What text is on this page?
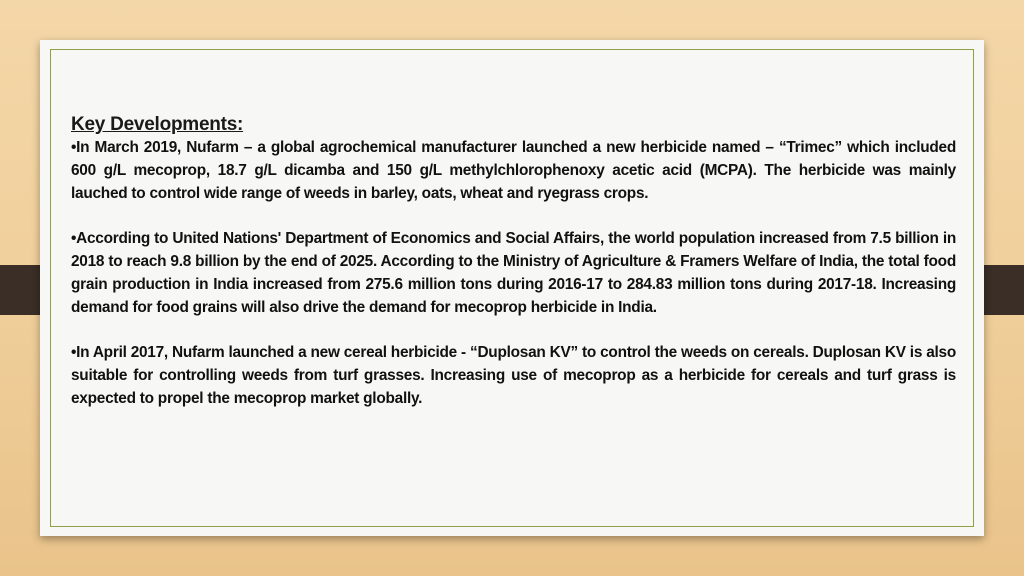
Key Developments:

•In March 2019, Nufarm – a global agrochemical manufacturer launched a new herbicide named – “Trimec” which included 600 g/L mecoprop, 18.7 g/L dicamba and 150 g/L methylchlorophenoxy acetic acid (MCPA). The herbicide was mainly lauched to control wide range of weeds in barley, oats, wheat and ryegrass crops.

•According to United Nations' Department of Economics and Social Affairs, the world population increased from 7.5 billion in 2018 to reach 9.8 billion by the end of 2025. According to the Ministry of Agriculture & Framers Welfare of India, the total food grain production in India increased from 275.6 million tons during 2016-17 to 284.83 million tons during 2017-18. Increasing demand for food grains will also drive the demand for mecoprop herbicide in India.

•In April 2017, Nufarm launched a new cereal herbicide - “Duplosan KV” to control the weeds on cereals. Duplosan KV is also suitable for controlling weeds from turf grasses. Increasing use of mecoprop as a herbicide for cereals and turf grass is expected to propel the mecoprop market globally.
